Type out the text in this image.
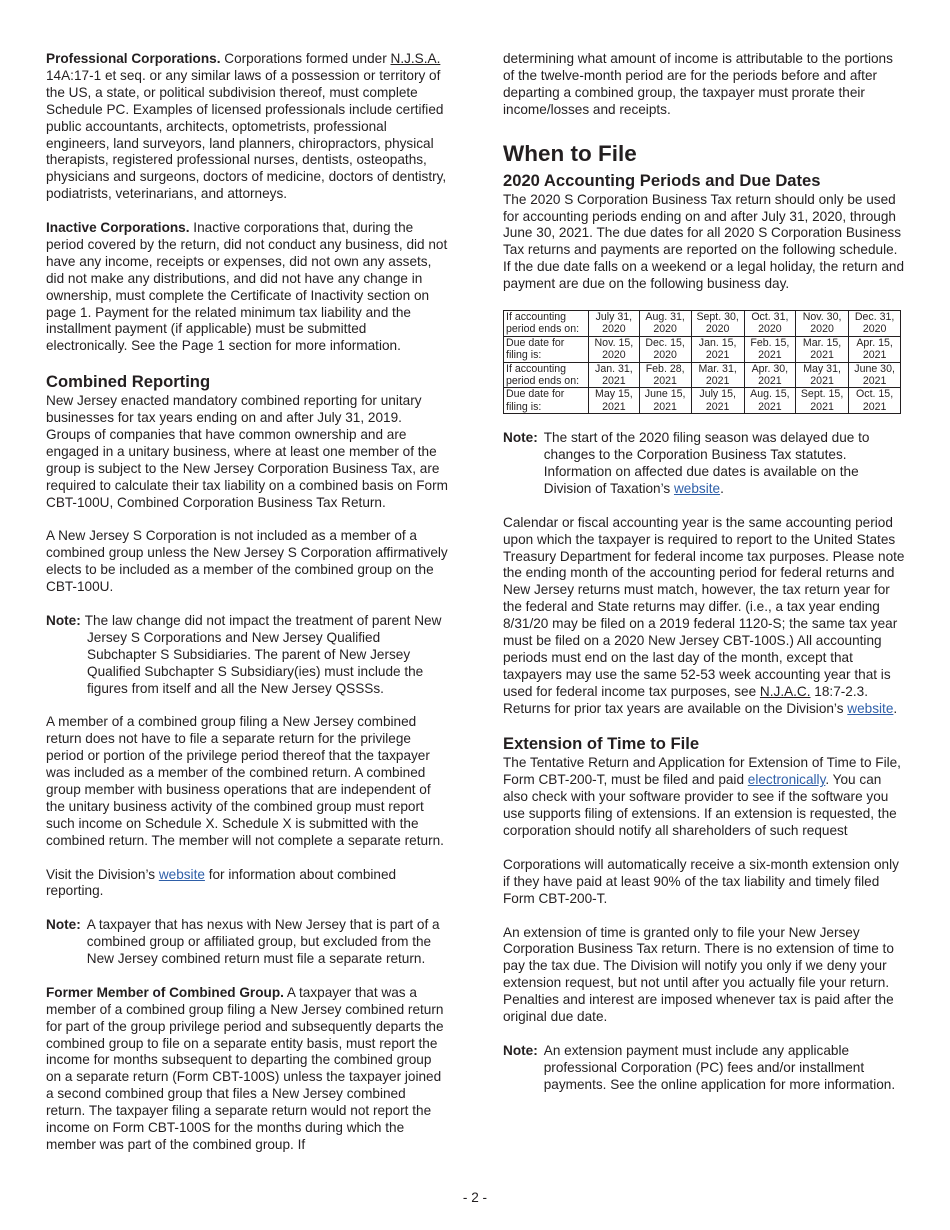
Professional Corporations. Corporations formed under N.J.S.A. 14A:17-1 et seq. or any similar laws of a possession or territory of the US, a state, or political subdivision thereof, must complete Schedule PC. Examples of licensed professionals include certified public accountants, architects, optometrists, professional engineers, land surveyors, land planners, chiropractors, physical therapists, registered professional nurses, dentists, osteopaths, physicians and surgeons, doctors of medicine, doctors of dentistry, podiatrists, veterinarians, and attorneys.

Inactive Corporations. Inactive corporations that, during the period covered by the return, did not conduct any business, did not have any income, receipts or expenses, did not own any assets, did not make any distributions, and did not have any change in ownership, must complete the Certificate of Inactivity section on page 1. Payment for the related minimum tax liability and the installment payment (if applicable) must be submitted electronically. See the Page 1 section for more information.

Combined Reporting

New Jersey enacted mandatory combined reporting for unitary businesses for tax years ending on and after July 31, 2019. Groups of companies that have common ownership and are engaged in a unitary business, where at least one member of the group is subject to the New Jersey Corporation Business Tax, are required to calculate their tax liability on a combined basis on Form CBT-100U, Combined Corporation Business Tax Return.

A New Jersey S Corporation is not included as a member of a combined group unless the New Jersey S Corporation affirmatively elects to be included as a member of the combined group on the CBT-100U.

Note: The law change did not impact the treatment of parent New Jersey S Corporations and New Jersey Qualified Subchapter S Subsidiaries. The parent of New Jersey Qualified Subchapter S Subsidiary(ies) must include the figures from itself and all the New Jersey QSSSs.

A member of a combined group filing a New Jersey combined return does not have to file a separate return for the privilege period or portion of the privilege period thereof that the taxpayer was included as a member of the combined return. A combined group member with business operations that are independent of the unitary business activity of the combined group must report such income on Schedule X. Schedule X is submitted with the combined return. The member will not complete a separate return.

Visit the Division’s website for information about combined reporting.

Note: A taxpayer that has nexus with New Jersey that is part of a combined group or affiliated group, but excluded from the New Jersey combined return must file a separate return.

Former Member of Combined Group. A taxpayer that was a member of a combined group filing a New Jersey combined return for part of the group privilege period and subsequently departs the combined group to file on a separate entity basis, must report the income for months subsequent to departing the combined group on a separate return (Form CBT-100S) unless the taxpayer joined a second combined group that files a New Jersey combined return. The taxpayer filing a separate return would not report the income on Form CBT-100S for the months during which the member was part of the combined group. If

determining what amount of income is attributable to the portions of the twelve-month period are for the periods before and after departing a combined group, the taxpayer must prorate their income/losses and receipts.

When to File
2020 Accounting Periods and Due Dates

The 2020 S Corporation Business Tax return should only be used for accounting periods ending on and after July 31, 2020, through June 30, 2021. The due dates for all 2020 S Corporation Business Tax returns and payments are reported on the following schedule. If the due date falls on a weekend or a legal holiday, the return and payment are due on the following business day.

If accounting period ends on:	July 31, 2020	Aug. 31, 2020	Sept. 30, 2020	Oct. 31, 2020	Nov. 30, 2020	Dec. 31, 2020
Due date for filing is:	Nov. 15, 2020	Dec. 15, 2020	Jan. 15, 2021	Feb. 15, 2021	Mar. 15, 2021	Apr. 15, 2021
If accounting period ends on:	Jan. 31, 2021	Feb. 28, 2021	Mar. 31, 2021	Apr. 30, 2021	May 31, 2021	June 30, 2021
Due date for filing is:	May 15, 2021	June 15, 2021	July 15, 2021	Aug. 15, 2021	Sept. 15, 2021	Oct. 15, 2021
Note: The start of the 2020 filing season was delayed due to changes to the Corporation Business Tax statutes. Information on affected due dates is available on the Division of Taxation’s website.

Calendar or fiscal accounting year is the same accounting period upon which the taxpayer is required to report to the United States Treasury Department for federal income tax purposes. Please note the ending month of the accounting period for federal returns and New Jersey returns must match, however, the tax return year for the federal and State returns may differ. (i.e., a tax year ending 8/31/20 may be filed on a 2019 federal 1120-S; the same tax year must be filed on a 2020 New Jersey CBT-100S.) All accounting periods must end on the last day of the month, except that taxpayers may use the same 52-53 week accounting year that is used for federal income tax purposes, see N.J.A.C. 18:7-2.3. Returns for prior tax years are available on the Division’s website.

Extension of Time to File

The Tentative Return and Application for Extension of Time to File, Form CBT-200-T, must be filed and paid electronically. You can also check with your software provider to see if the software you use supports filing of extensions. If an extension is requested, the corporation should notify all shareholders of such request

Corporations will automatically receive a six-month extension only if they have paid at least 90% of the tax liability and timely filed Form CBT-200-T.

An extension of time is granted only to file your New Jersey Corporation Business Tax return. There is no extension of time to pay the tax due. The Division will notify you only if we deny your extension request, but not until after you actually file your return. Penalties and interest are imposed whenever tax is paid after the original due date.

Note: An extension payment must include any applicable professional Corporation (PC) fees and/or installment payments. See the online application for more information.
- 2 -
